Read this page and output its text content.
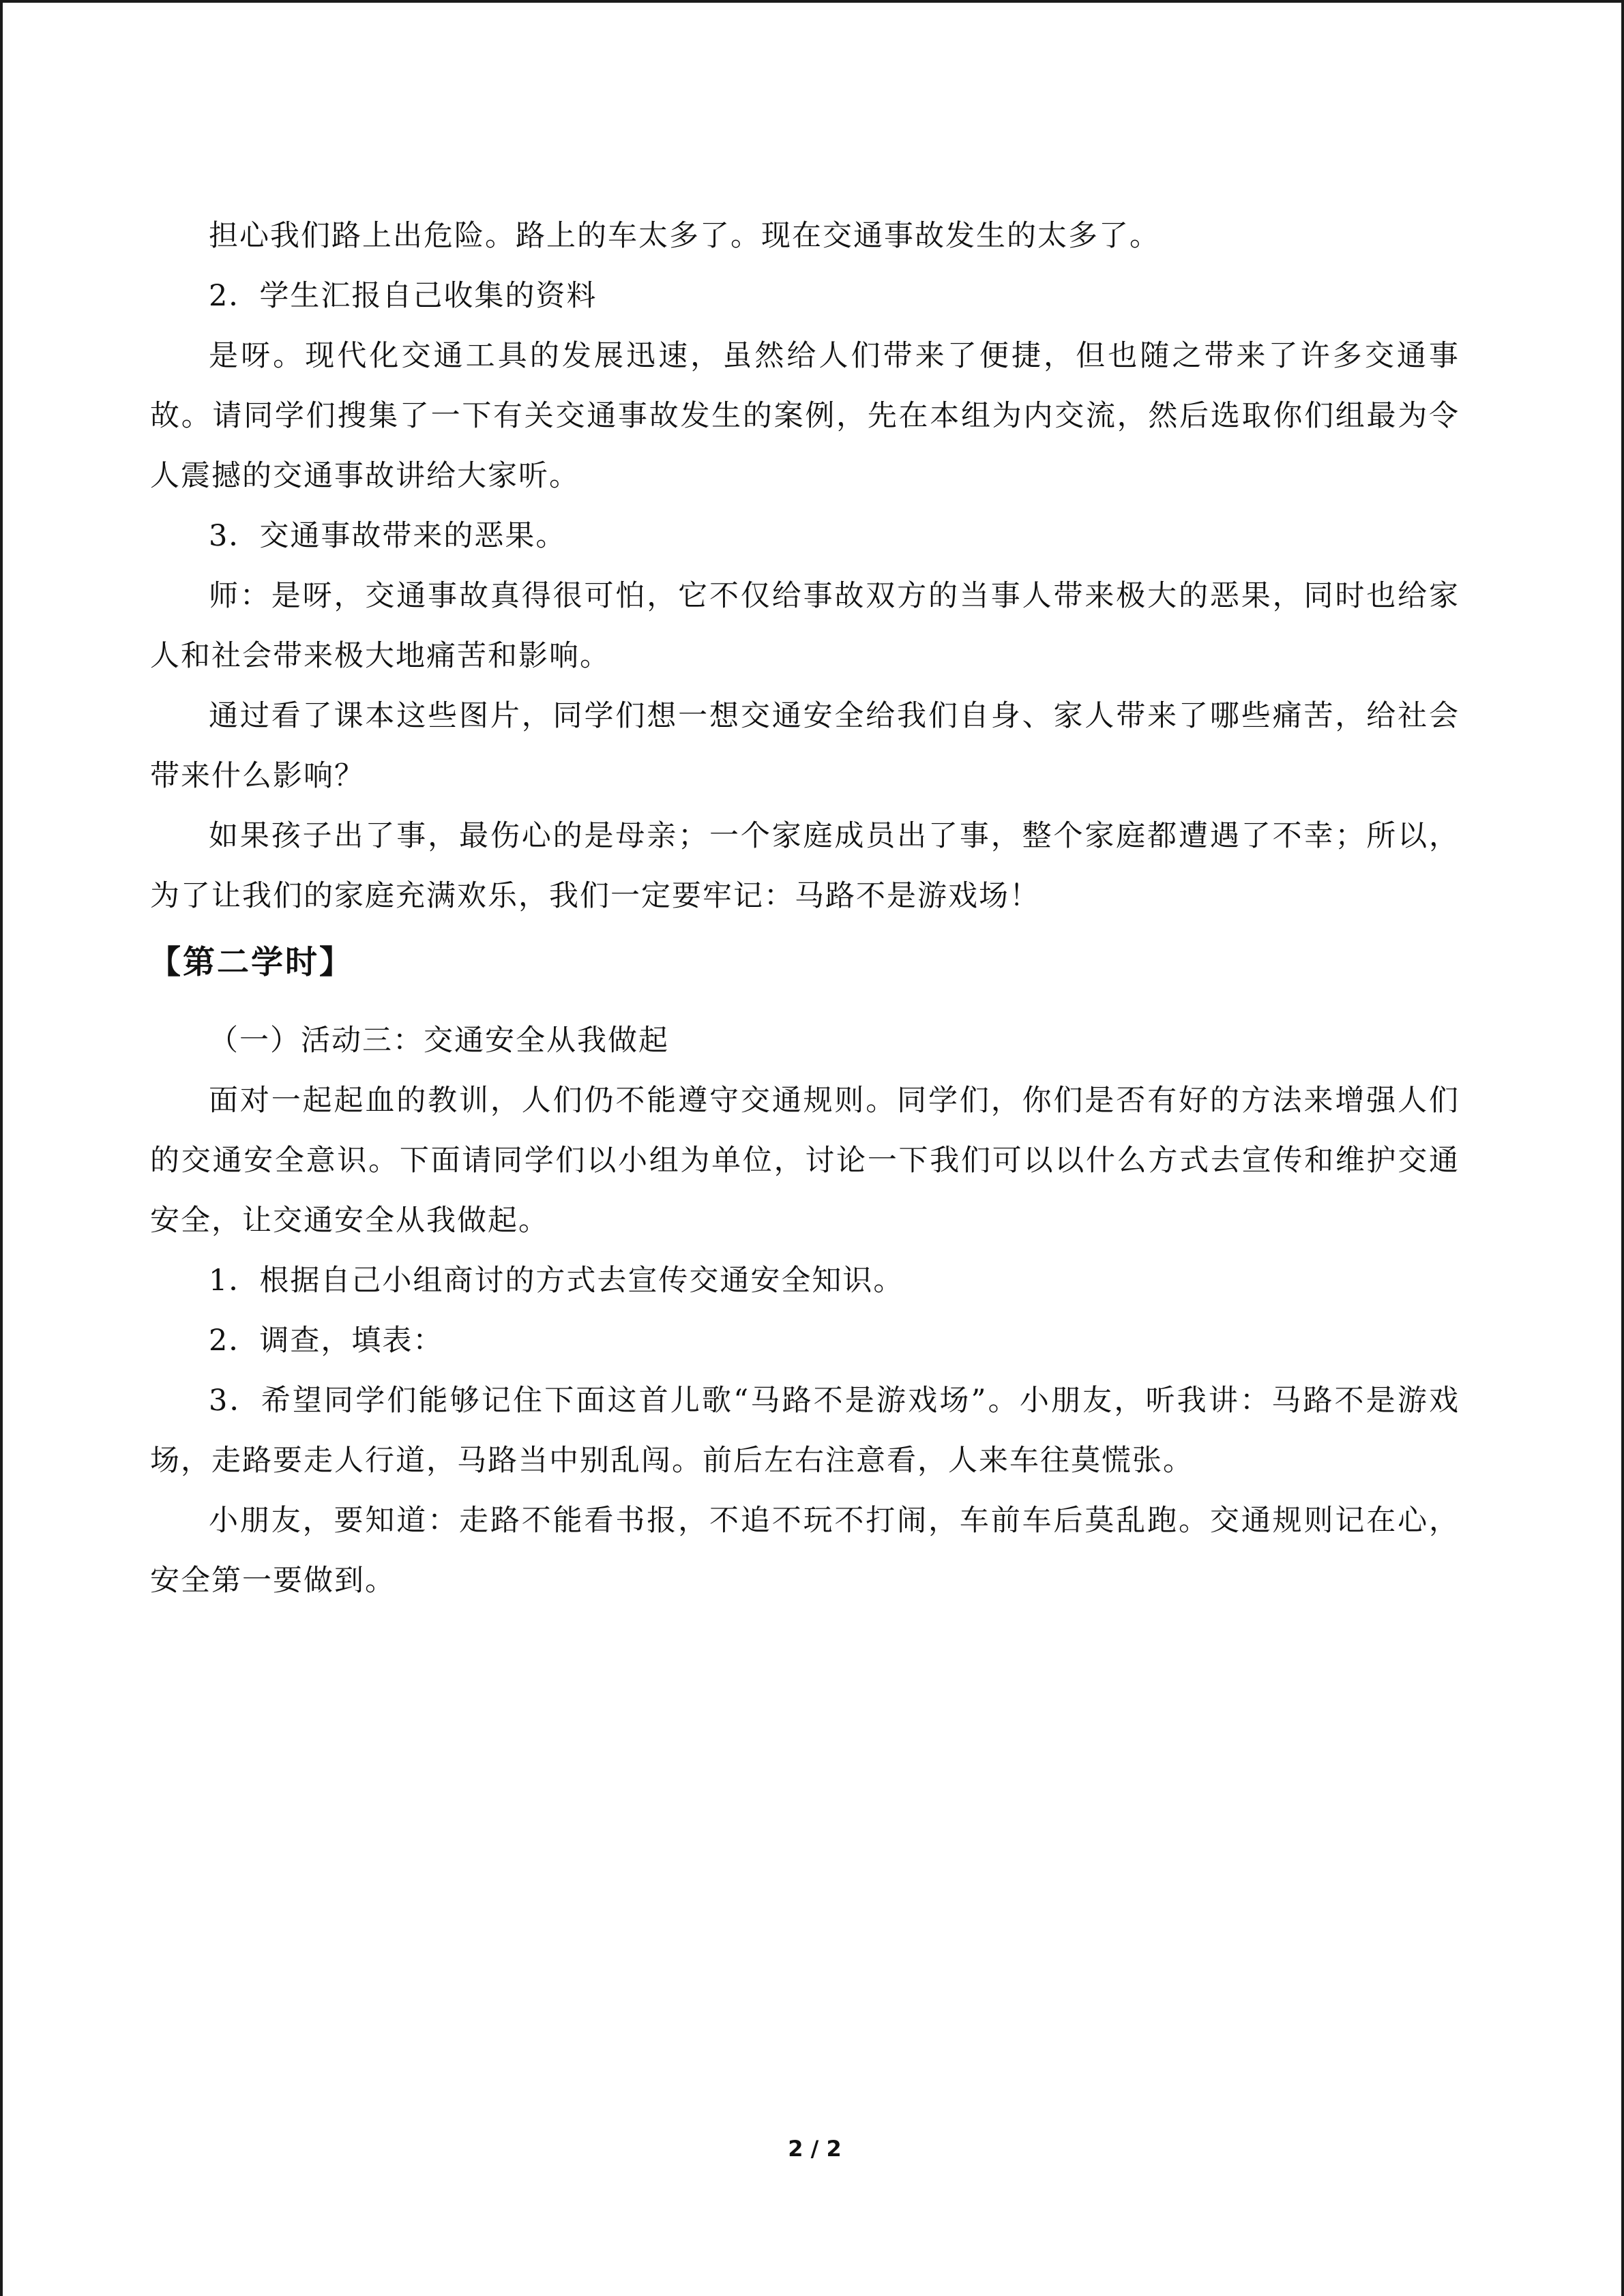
担心我们路上出危险。路上的车太多了。现在交通事故发生的太多了。

2．学生汇报自己收集的资料

是呀。现代化交通工具的发展迅速，虽然给人们带来了便捷，但也随之带来了许多交通事故。请同学们搜集了一下有关交通事故发生的案例，先在本组为内交流，然后选取你们组最为令人震撼的交通事故讲给大家听。

3．交通事故带来的恶果。

师：是呀，交通事故真得很可怕，它不仅给事故双方的当事人带来极大的恶果，同时也给家人和社会带来极大地痛苦和影响。

通过看了课本这些图片，同学们想一想交通安全给我们自身、家人带来了哪些痛苦，给社会带来什么影响？

如果孩子出了事，最伤心的是母亲；一个家庭成员出了事，整个家庭都遭遇了不幸；所以，为了让我们的家庭充满欢乐，我们一定要牢记：马路不是游戏场！

【第二学时】

（一）活动三：交通安全从我做起

面对一起起血的教训，人们仍不能遵守交通规则。同学们，你们是否有好的方法来增强人们的交通安全意识。下面请同学们以小组为单位，讨论一下我们可以以什么方式去宣传和维护交通安全，让交通安全从我做起。

1．根据自己小组商讨的方式去宣传交通安全知识。

2．调查，填表：

3．希望同学们能够记住下面这首儿歌“马路不是游戏场”。小朋友，听我讲：马路不是游戏场，走路要走人行道，马路当中别乱闯。前后左右注意看，人来车往莫慌张。

小朋友，要知道：走路不能看书报，不追不玩不打闹，车前车后莫乱跑。交通规则记在心，安全第一要做到。

2 / 2
